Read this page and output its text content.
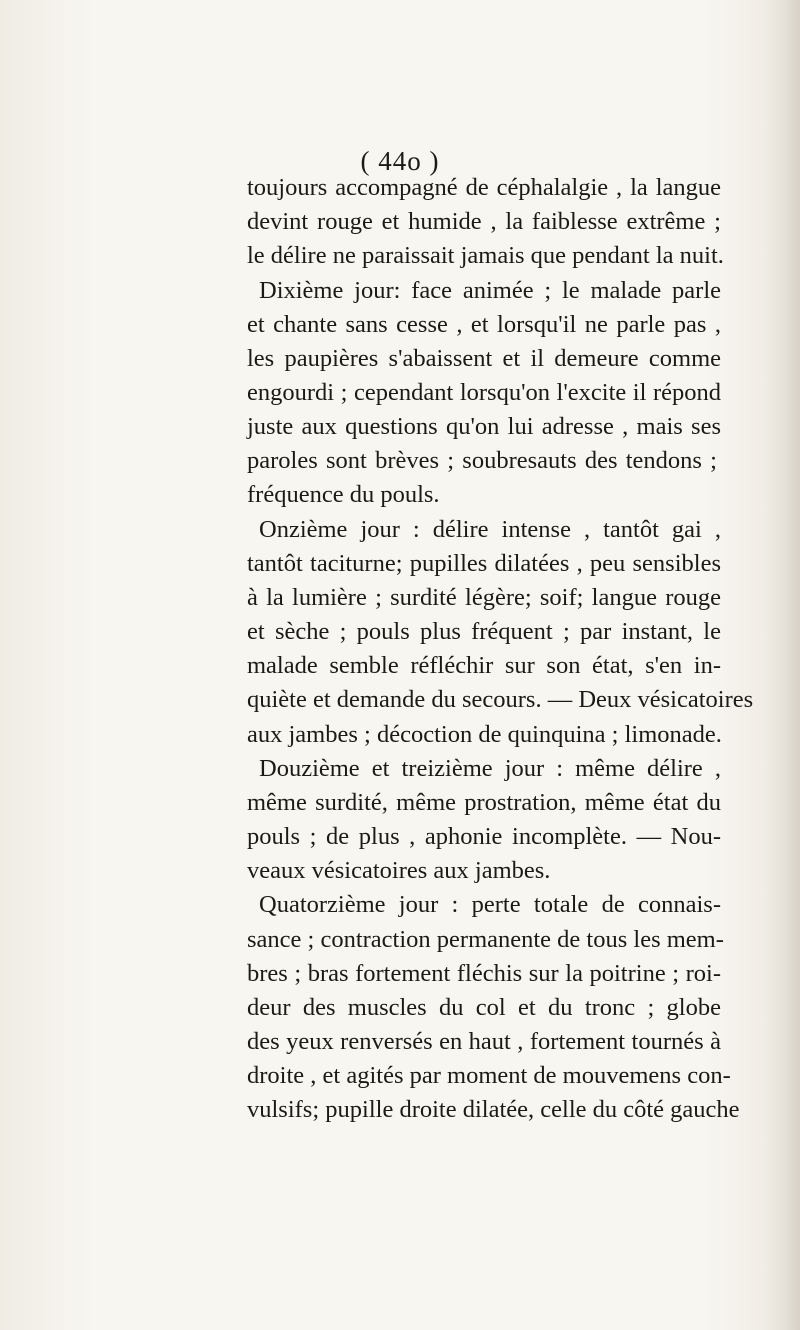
( 44o )
toujours accompagné de céphalalgie , la langue
devint rouge et humide , la faiblesse extrême ;
le délire ne paraissait jamais que pendant la nuit.
Dixième jour: face animée ; le malade parle
et chante sans cesse , et lorsqu'il ne parle pas ,
les paupières s'abaissent et il demeure comme
engourdi ; cependant lorsqu'on l'excite il répond
juste aux questions qu'on lui adresse , mais ses
paroles sont brèves ; soubresauts des tendons ;
fréquence du pouls.
Onzième jour : délire intense , tantôt gai ,
tantôt taciturne; pupilles dilatées , peu sensibles
à la lumière ; surdité légère; soif; langue rouge
et sèche ; pouls plus fréquent ; par instant, le
malade semble réfléchir sur son état, s'en in-
quiète et demande du secours. — Deux vésicatoires
aux jambes ; décoction de quinquina ; limonade.
Douzième et treizième jour : même délire ,
même surdité, même prostration, même état du
pouls ; de plus , aphonie incomplète. — Nou-
veaux vésicatoires aux jambes.
Quatorzième jour : perte totale de connais-
sance ; contraction permanente de tous les mem-
bres ; bras fortement fléchis sur la poitrine ; roi-
deur des muscles du col et du tronc ; globe
des yeux renversés en haut , fortement tournés à
droite , et agités par moment de mouvemens con-
vulsifs; pupille droite dilatée, celle du côté gauche
